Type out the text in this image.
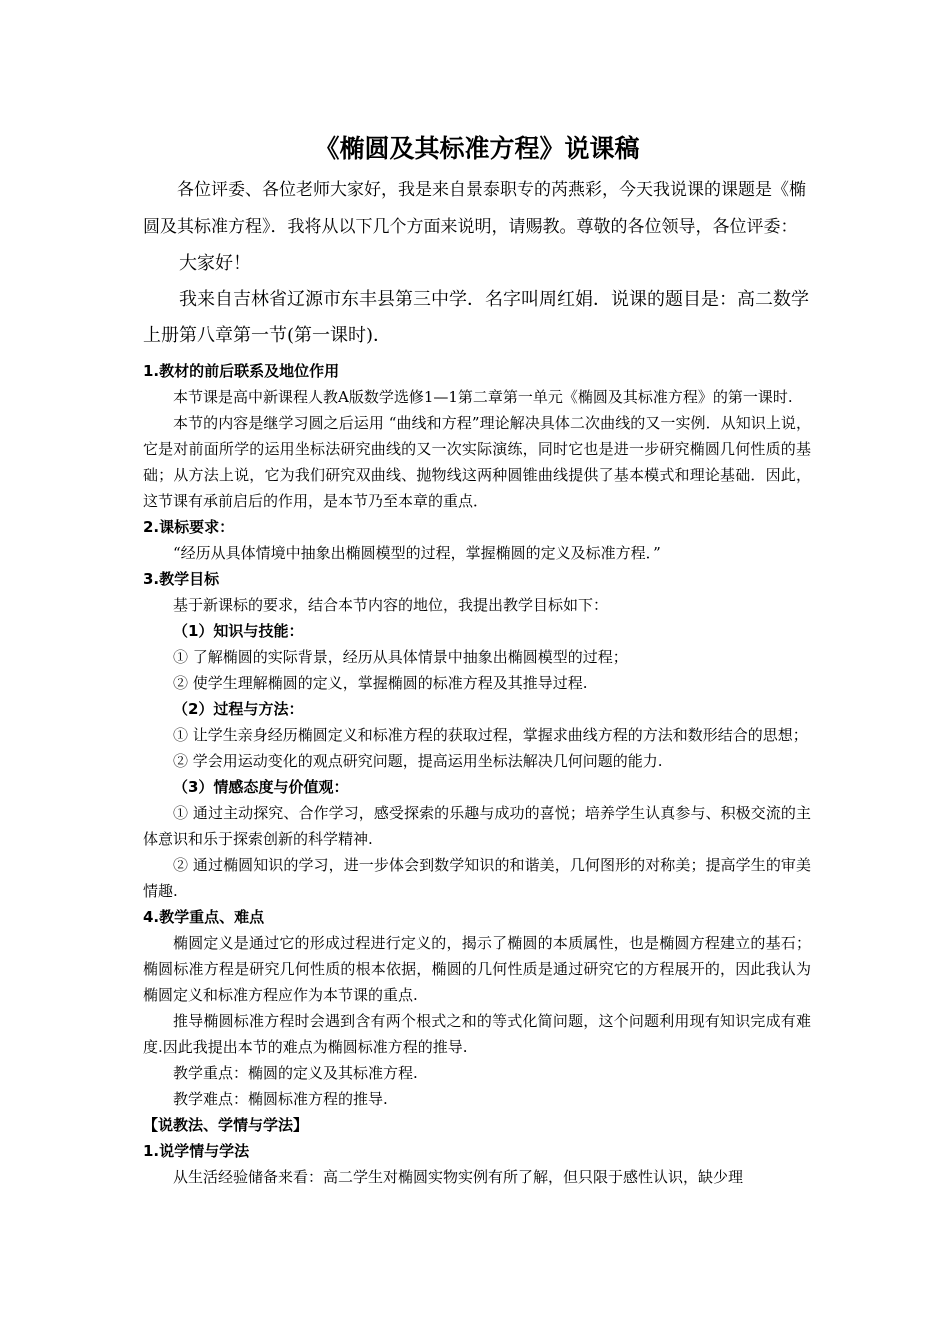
《椭圆及其标准方程》说课稿

各位评委、各位老师大家好，我是来自景泰职专的芮燕彩，今天我说课的课题是《椭圆及其标准方程》．我将从以下几个方面来说明，请赐教。尊敬的各位领导，各位评委：

大家好！

我来自吉林省辽源市东丰县第三中学．名字叫周红娟．说课的题目是：高二数学上册第八章第一节(第一课时)．

1.教材的前后联系及地位作用

本节课是高中新课程人教A版数学选修1—1第二章第一单元《椭圆及其标准方程》的第一课时.

本节的内容是继学习圆之后运用 “曲线和方程”理论解决具体二次曲线的又一实例．从知识上说，它是对前面所学的运用坐标法研究曲线的又一次实际演练，同时它也是进一步研究椭圆几何性质的基础；从方法上说，它为我们研究双曲线、抛物线这两种圆锥曲线提供了基本模式和理论基础．因此，这节课有承前启后的作用，是本节乃至本章的重点．

2.课标要求：

“经历从具体情境中抽象出椭圆模型的过程，掌握椭圆的定义及标准方程．”

3.教学目标

基于新课标的要求，结合本节内容的地位，我提出教学目标如下：

（1）知识与技能：

① 了解椭圆的实际背景，经历从具体情景中抽象出椭圆模型的过程；

② 使学生理解椭圆的定义，掌握椭圆的标准方程及其推导过程.

（2）过程与方法：

① 让学生亲身经历椭圆定义和标准方程的获取过程，掌握求曲线方程的方法和数形结合的思想；

② 学会用运动变化的观点研究问题，提高运用坐标法解决几何问题的能力.

（3）情感态度与价值观：

① 通过主动探究、合作学习，感受探索的乐趣与成功的喜悦；培养学生认真参与、积极交流的主体意识和乐于探索创新的科学精神.

② 通过椭圆知识的学习，进一步体会到数学知识的和谐美，几何图形的对称美；提高学生的审美情趣.

4.教学重点、难点

椭圆定义是通过它的形成过程进行定义的，揭示了椭圆的本质属性，也是椭圆方程建立的基石；椭圆标准方程是研究几何性质的根本依据，椭圆的几何性质是通过研究它的方程展开的，因此我认为椭圆定义和标准方程应作为本节课的重点.

推导椭圆标准方程时会遇到含有两个根式之和的等式化简问题，这个问题利用现有知识完成有难度.因此我提出本节的难点为椭圆标准方程的推导.

教学重点：椭圆的定义及其标准方程.

教学难点：椭圆标准方程的推导.

【说教法、学情与学法】

1.说学情与学法

从生活经验储备来看：高二学生对椭圆实物实例有所了解，但只限于感性认识，缺少理
